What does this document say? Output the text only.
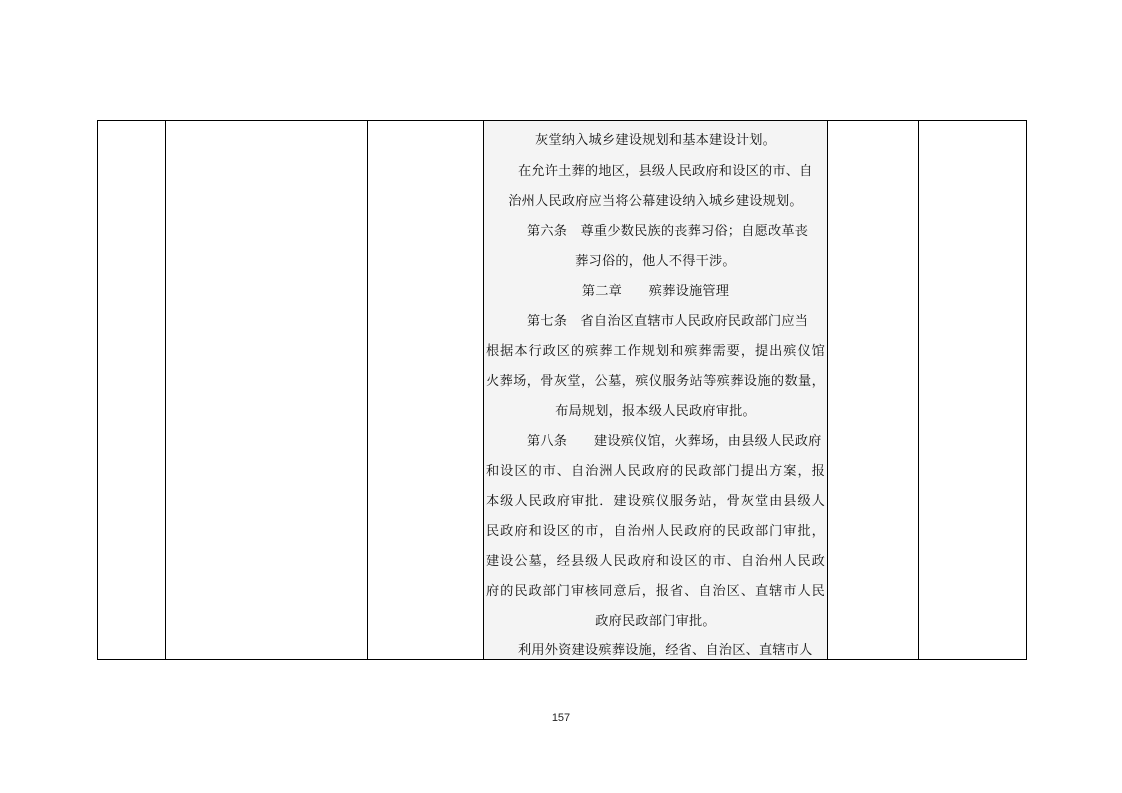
灰堂纳入城乡建设规划和基本建设计划。
在允许土葬的地区，县级人民政府和设区的市、自
治州人民政府应当将公幕建设纳入城乡建设规划。
第六条　尊重少数民族的丧葬习俗；自愿改革丧
葬习俗的，他人不得干涉。
第二章　　殡葬设施管理
第七条　省自治区直辖市人民政府民政部门应当
根据本行政区的殡葬工作规划和殡葬需要，提出殡仪馆
火葬场，骨灰堂，公墓，殡仪服务站等殡葬设施的数量，
布局规划，报本级人民政府审批。
第八条　　建设殡仪馆，火葬场，由县级人民政府
和设区的市、自治洲人民政府的民政部门提出方案，报
本级人民政府审批．建设殡仪服务站，骨灰堂由县级人
民政府和设区的市，自治州人民政府的民政部门审批，
建设公墓，经县级人民政府和设区的市、自治州人民政
府的民政部门审核同意后，报省、自治区、直辖市人民
政府民政部门审批。
利用外资建设殡葬设施，经省、自治区、直辖市人
157
